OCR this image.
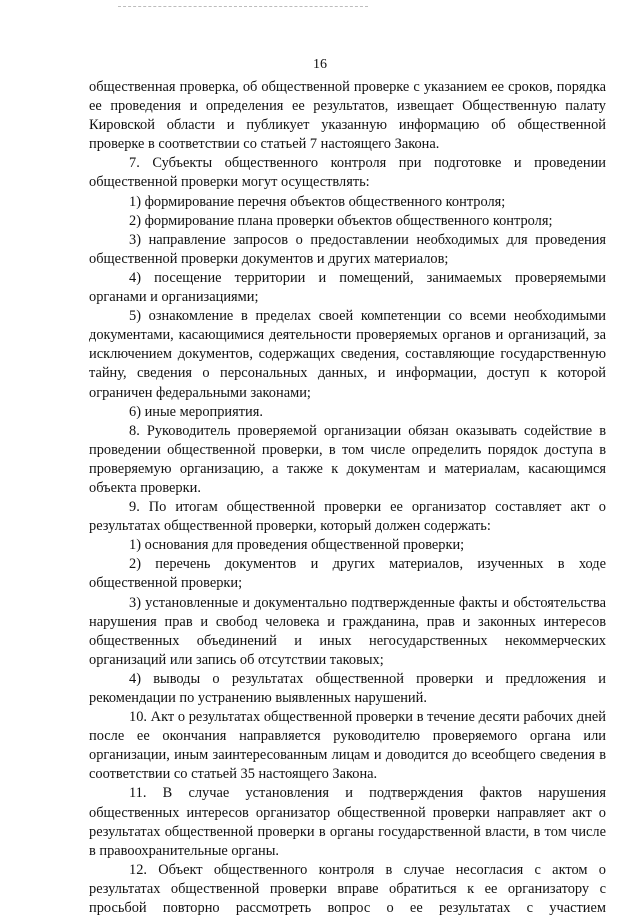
16

общественная проверка, об общественной проверке с указанием ее сроков, порядка ее проведения и определения ее результатов, извещает Общественную палату Кировской области и публикует указанную информацию об общественной проверке в соответствии со статьей 7 настоящего Закона.

7. Субъекты общественного контроля при подготовке и проведении общественной проверки могут осуществлять:

1) формирование перечня объектов общественного контроля;

2) формирование плана проверки объектов общественного контроля;

3) направление запросов о предоставлении необходимых для проведения общественной проверки документов и других материалов;

4) посещение территории и помещений, занимаемых проверяемыми органами и организациями;

5) ознакомление в пределах своей компетенции со всеми необходимыми документами, касающимися деятельности проверяемых органов и организаций, за исключением документов, содержащих сведения, составляющие государственную тайну, сведения о персональных данных, и информации, доступ к которой ограничен федеральными законами;

6) иные мероприятия.

8. Руководитель проверяемой организации обязан оказывать содействие в проведении общественной проверки, в том числе определить порядок доступа в проверяемую организацию, а также к документам и материалам, касающимся объекта проверки.

9. По итогам общественной проверки ее организатор составляет акт о результатах общественной проверки, который должен содержать:

1) основания для проведения общественной проверки;

2) перечень документов и других материалов, изученных в ходе общественной проверки;

3) установленные и документально подтвержденные факты и обстоятельства нарушения прав и свобод человека и гражданина, прав и законных интересов общественных объединений и иных негосударственных некоммерческих организаций или запись об отсутствии таковых;

4) выводы о результатах общественной проверки и предложения и рекомендации по устранению выявленных нарушений.

10. Акт о результатах общественной проверки в течение десяти рабочих дней после ее окончания направляется руководителю проверяемого органа или организации, иным заинтересованным лицам и доводится до всеобщего сведения в соответствии со статьей 35 настоящего Закона.

11. В случае установления и подтверждения фактов нарушения общественных интересов организатор общественной проверки направляет акт о результатах общественной проверки в органы государственной власти, в том числе в правоохранительные органы.

12. Объект общественного контроля в случае несогласия с актом о результатах общественной проверки вправе обратиться к ее организатору с просьбой повторно рассмотреть вопрос о ее результатах с участием
